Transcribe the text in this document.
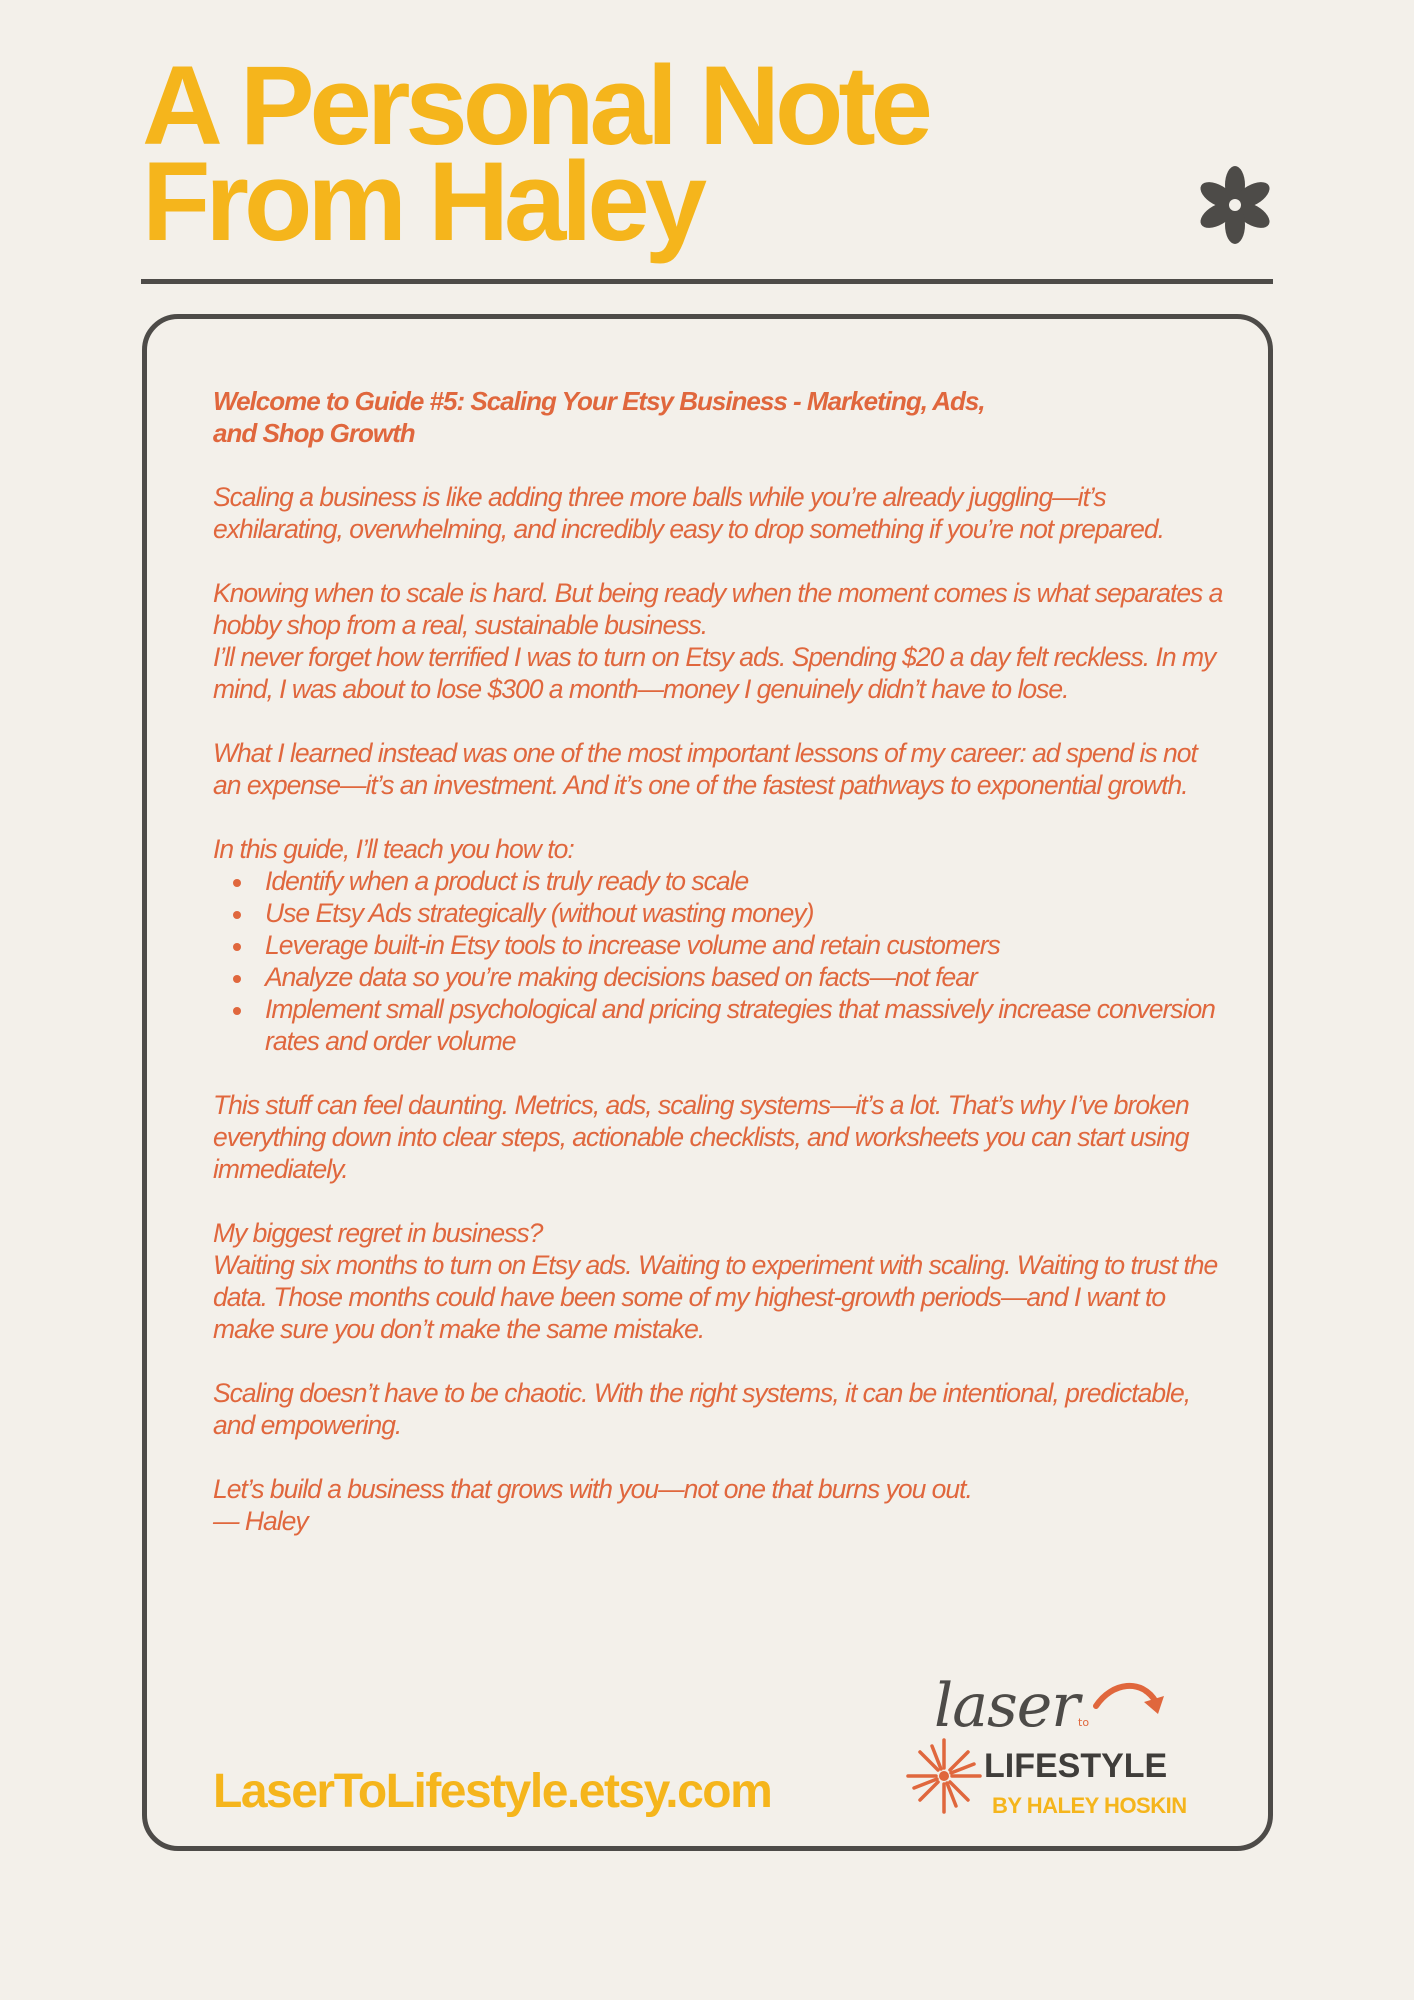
A Personal Note
From Haley

Welcome to Guide #5: Scaling Your Etsy Business - Marketing, Ads,
and Shop Growth

Scaling a business is like adding three more balls while you’re already juggling—it’s exhilarating, overwhelming, and incredibly easy to drop something if you’re not prepared.

Knowing when to scale is hard. But being ready when the moment comes is what separates a hobby shop from a real, sustainable business.
I’ll never forget how terrified I was to turn on Etsy ads. Spending $20 a day felt reckless. In my mind, I was about to lose $300 a month—money I genuinely didn’t have to lose.

What I learned instead was one of the most important lessons of my career: ad spend is not an expense—it’s an investment. And it’s one of the fastest pathways to exponential growth.

In this guide, I’ll teach you how to:
Identify when a product is truly ready to scale
Use Etsy Ads strategically (without wasting money)
Leverage built-in Etsy tools to increase volume and retain customers
Analyze data so you’re making decisions based on facts—not fear
Implement small psychological and pricing strategies that massively increase conversion rates and order volume

This stuff can feel daunting. Metrics, ads, scaling systems—it’s a lot. That’s why I’ve broken everything down into clear steps, actionable checklists, and worksheets you can start using immediately.

My biggest regret in business?
Waiting six months to turn on Etsy ads. Waiting to experiment with scaling. Waiting to trust the data. Those months could have been some of my highest-growth periods—and I want to make sure you don’t make the same mistake.

Scaling doesn’t have to be chaotic. With the right systems, it can be intentional, predictable, and empowering.

Let’s build a business that grows with you—not one that burns you out.
— Haley

LaserToLifestyle.etsy.com
laser to
LIFESTYLE
BY HALEY HOSKIN
